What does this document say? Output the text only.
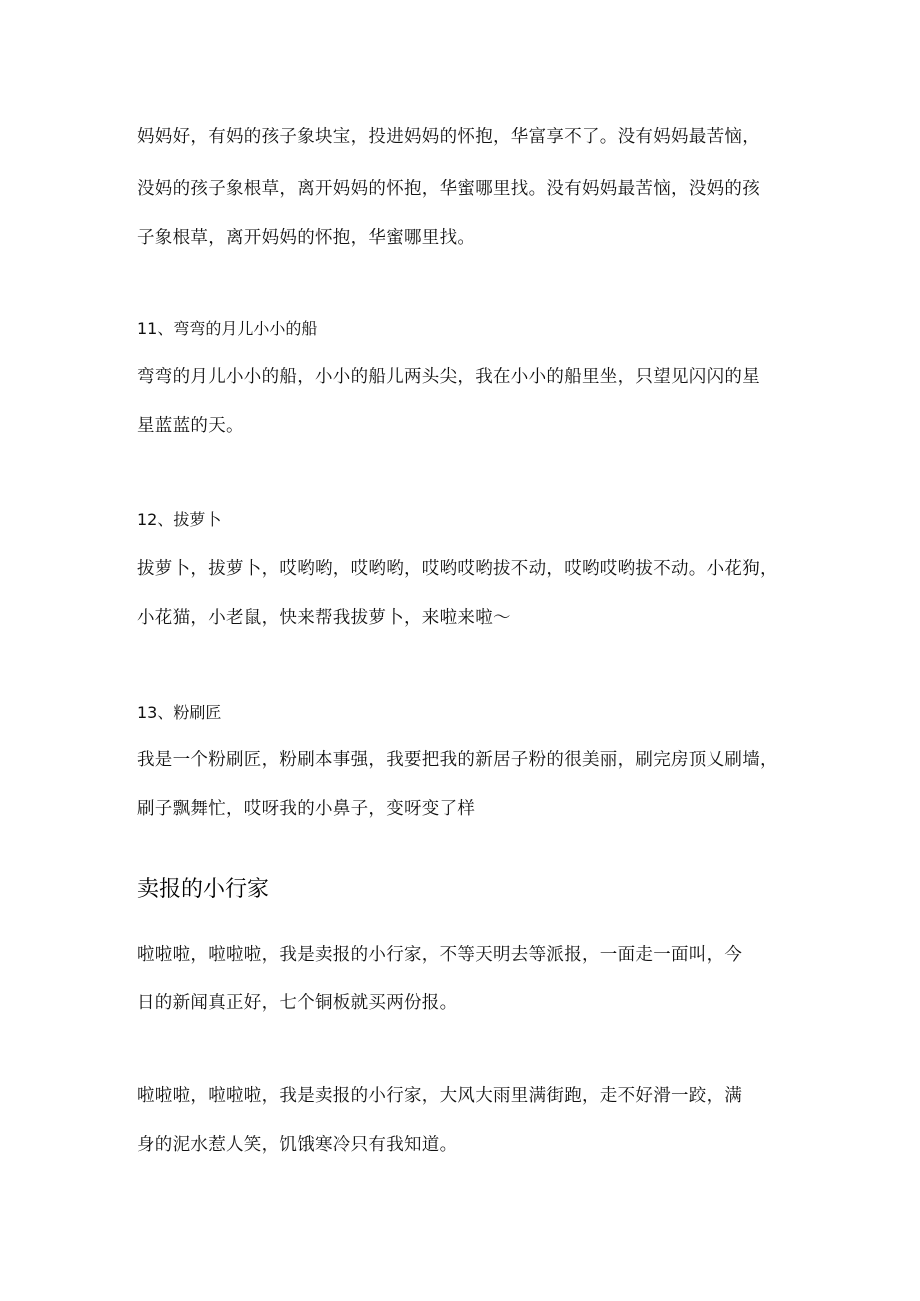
妈妈好，有妈的孩子象块宝，投进妈妈的怀抱，华富享不了。没有妈妈最苦恼，
没妈的孩子象根草，离开妈妈的怀抱，华蜜哪里找。没有妈妈最苦恼，没妈的孩
子象根草，离开妈妈的怀抱，华蜜哪里找。
11、弯弯的月儿小小的船
弯弯的月儿小小的船，小小的船儿两头尖，我在小小的船里坐，只望见闪闪的星
星蓝蓝的天。
12、拔萝卜
拔萝卜，拔萝卜，哎哟哟，哎哟哟，哎哟哎哟拔不动，哎哟哎哟拔不动。小花狗，
小花猫，小老鼠，快来帮我拔萝卜，来啦来啦～
13、粉刷匠
我是一个粉刷匠，粉刷本事强，我要把我的新居子粉的很美丽，刷完房顶乂刷墙，
刷子飘舞忙，哎呀我的小鼻子，变呀变了样
卖报的小行家
啦啦啦，啦啦啦，我是卖报的小行家，不等天明去等派报，一面走一面叫，今
日的新闻真正好，七个铜板就买两份报。
啦啦啦，啦啦啦，我是卖报的小行家，大风大雨里满街跑，走不好滑一跤，满
身的泥水惹人笑，饥饿寒冷只有我知道。
